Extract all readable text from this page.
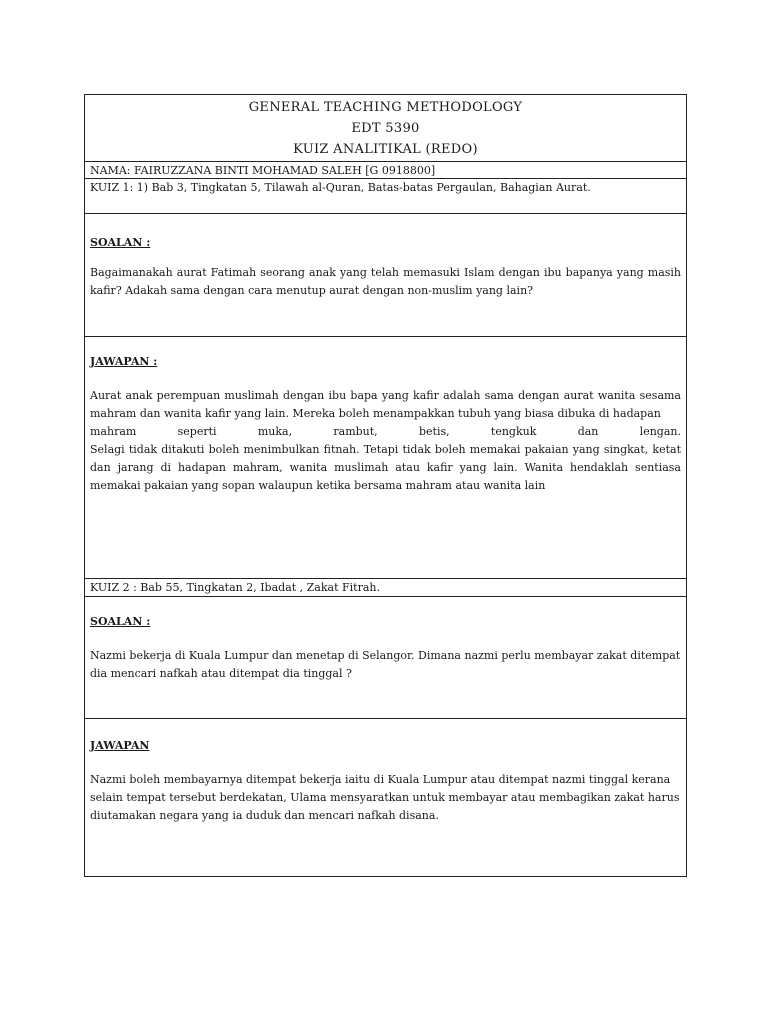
GENERAL TEACHING METHODOLOGY
EDT 5390
KUIZ ANALITIKAL (REDO)
NAMA: FAIRUZZANA BINTI MOHAMAD SALEH [G 0918800]
KUIZ 1: 1) Bab 3, Tingkatan 5, Tilawah al-Quran, Batas-batas Pergaulan, Bahagian Aurat.
SOALAN :
Bagaimanakah aurat Fatimah seorang anak yang telah memasuki Islam dengan ibu bapanya yang masih kafir? Adakah sama dengan cara menutup aurat dengan non-muslim yang lain?
JAWAPAN :
Aurat anak perempuan muslimah dengan ibu bapa yang kafir adalah sama dengan aurat wanita sesama mahram dan wanita kafir yang lain. Mereka boleh menampakkan tubuh yang biasa dibuka di hadapan
mahram	seperti	muka,	rambut,	betis,	tengkuk	dan	lengan.
Selagi tidak ditakuti boleh menimbulkan fitnah. Tetapi tidak boleh memakai pakaian yang singkat, ketat dan jarang di hadapan mahram, wanita muslimah atau kafir yang lain. Wanita hendaklah sentiasa memakai pakaian yang sopan walaupun ketika bersama mahram atau wanita lain
KUIZ 2 : Bab 55, Tingkatan 2, Ibadat , Zakat Fitrah.
SOALAN :
Nazmi bekerja di Kuala Lumpur dan menetap di Selangor. Dimana nazmi perlu membayar zakat ditempat dia mencari nafkah atau ditempat dia tinggal ?
JAWAPAN
Nazmi boleh membayarnya ditempat bekerja iaitu di Kuala Lumpur atau ditempat nazmi tinggal kerana selain tempat tersebut berdekatan, Ulama mensyaratkan untuk membayar atau membagikan zakat harus diutamakan negara yang ia duduk dan mencari nafkah disana.
